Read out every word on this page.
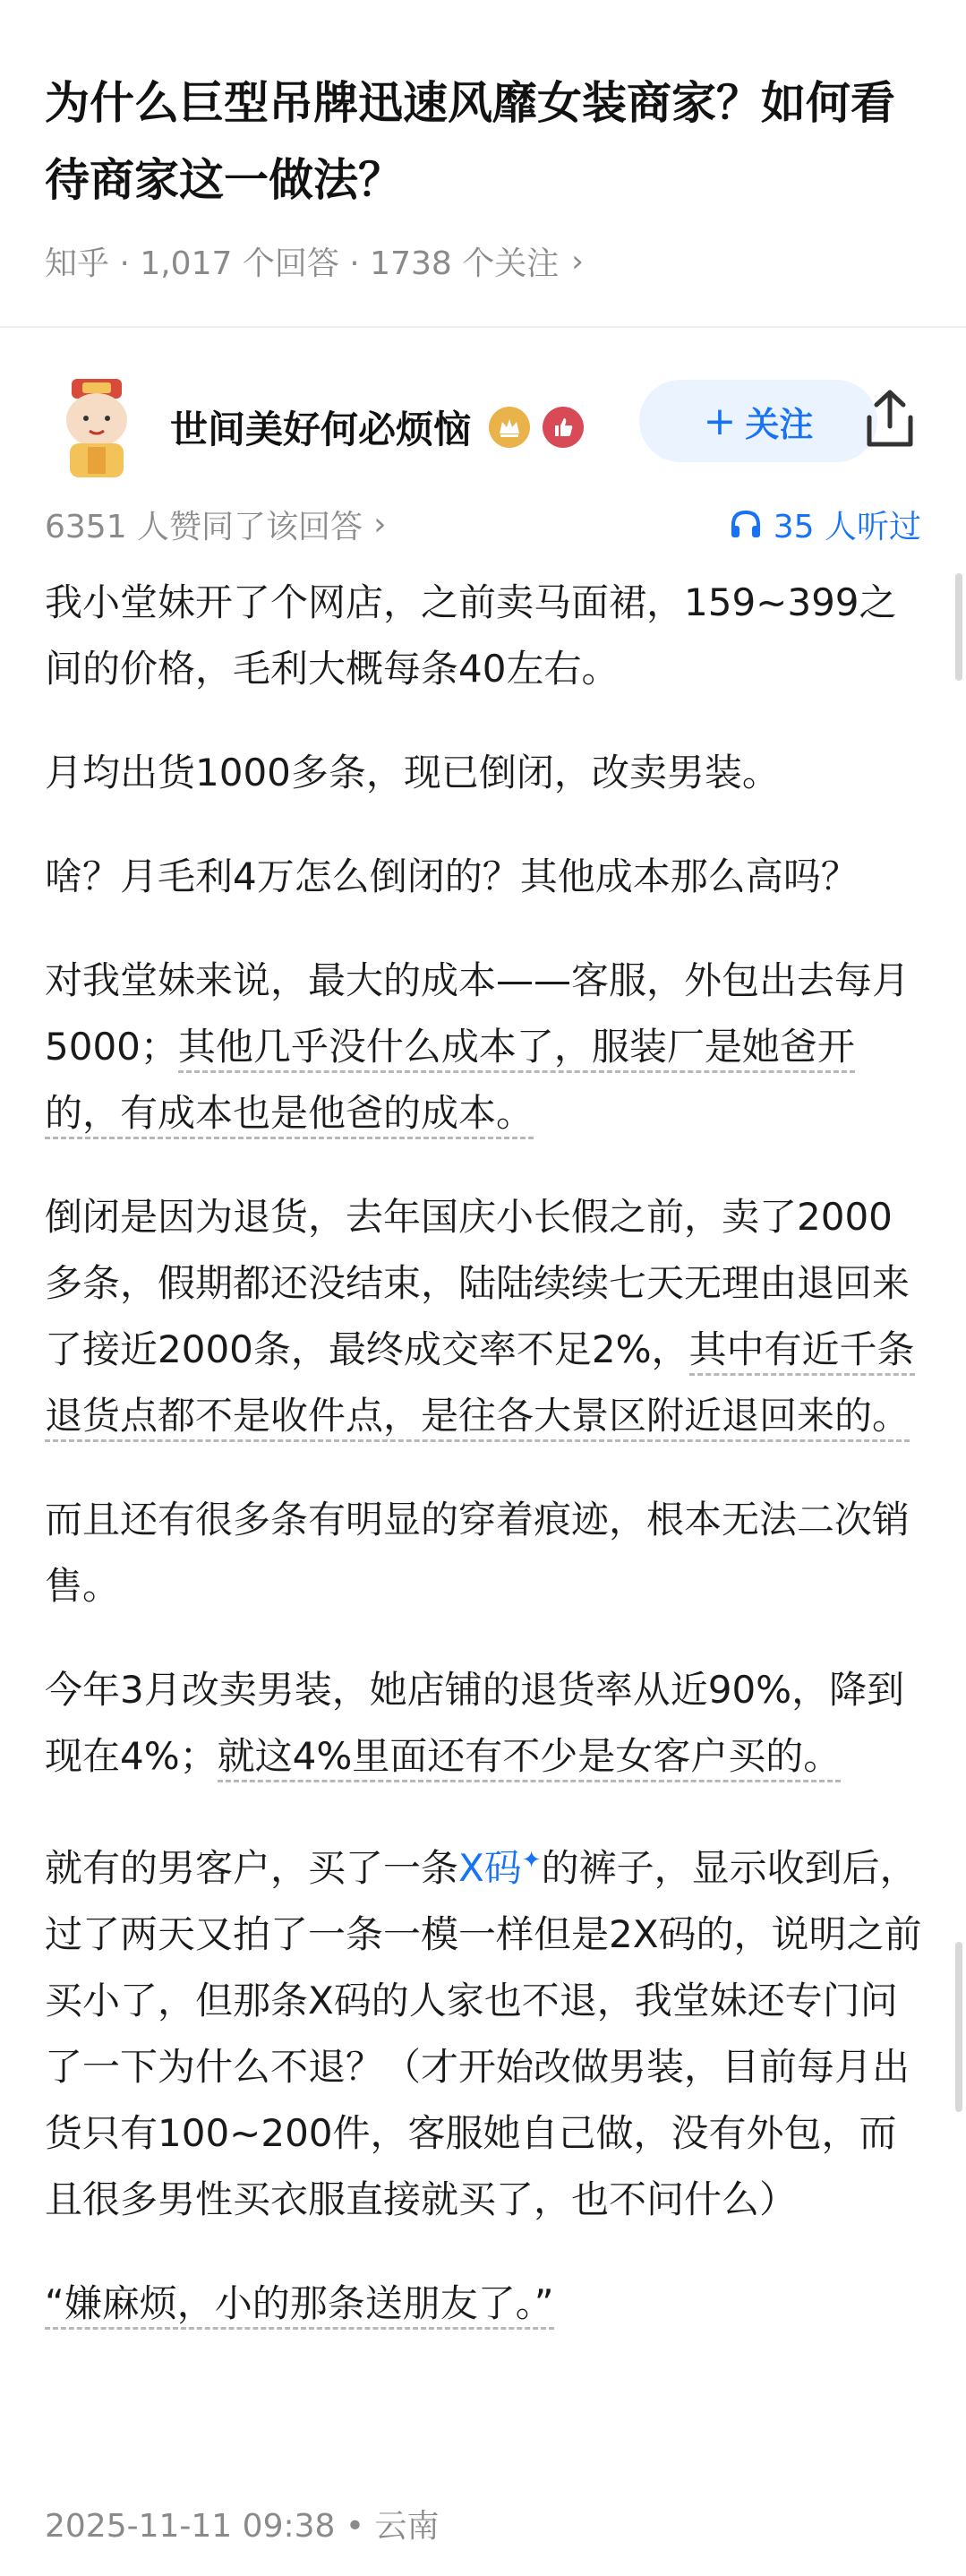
为什么巨型吊牌迅速风靡女装商家？如何看待商家这一做法？
知乎 · 1,017 个回答 · 1738 个关注 ›
世间美好何必烦恼	+ 关注
6351 人赞同了该回答 ›	35 人听过

我小堂妹开了个网店，之前卖马面裙，159~399之间的价格，毛利大概每条40左右。

月均出货1000多条，现已倒闭，改卖男装。

啥？月毛利4万怎么倒闭的？其他成本那么高吗？

对我堂妹来说，最大的成本——客服，外包出去每月5000；其他几乎没什么成本了，服装厂是她爸开的，有成本也是他爸的成本。

倒闭是因为退货，去年国庆小长假之前，卖了2000多条，假期都还没结束，陆陆续续七天无理由退回来了接近2000条，最终成交率不足2%，其中有近千条退货点都不是收件点，是往各大景区附近退回来的。

而且还有很多条有明显的穿着痕迹，根本无法二次销售。

今年3月改卖男装，她店铺的退货率从近90%，降到现在4%；就这4%里面还有不少是女客户买的。

就有的男客户，买了一条X码✦的裤子，显示收到后，过了两天又拍了一条一模一样但是2X码的，说明之前买小了，但那条X码的人家也不退，我堂妹还专门问了一下为什么不退？（才开始改做男装，目前每月出货只有100~200件，客服她自己做，没有外包，而且很多男性买衣服直接就买了，也不问什么）

“嫌麻烦，小的那条送朋友了。”

2025-11-11 09:38 • 云南
